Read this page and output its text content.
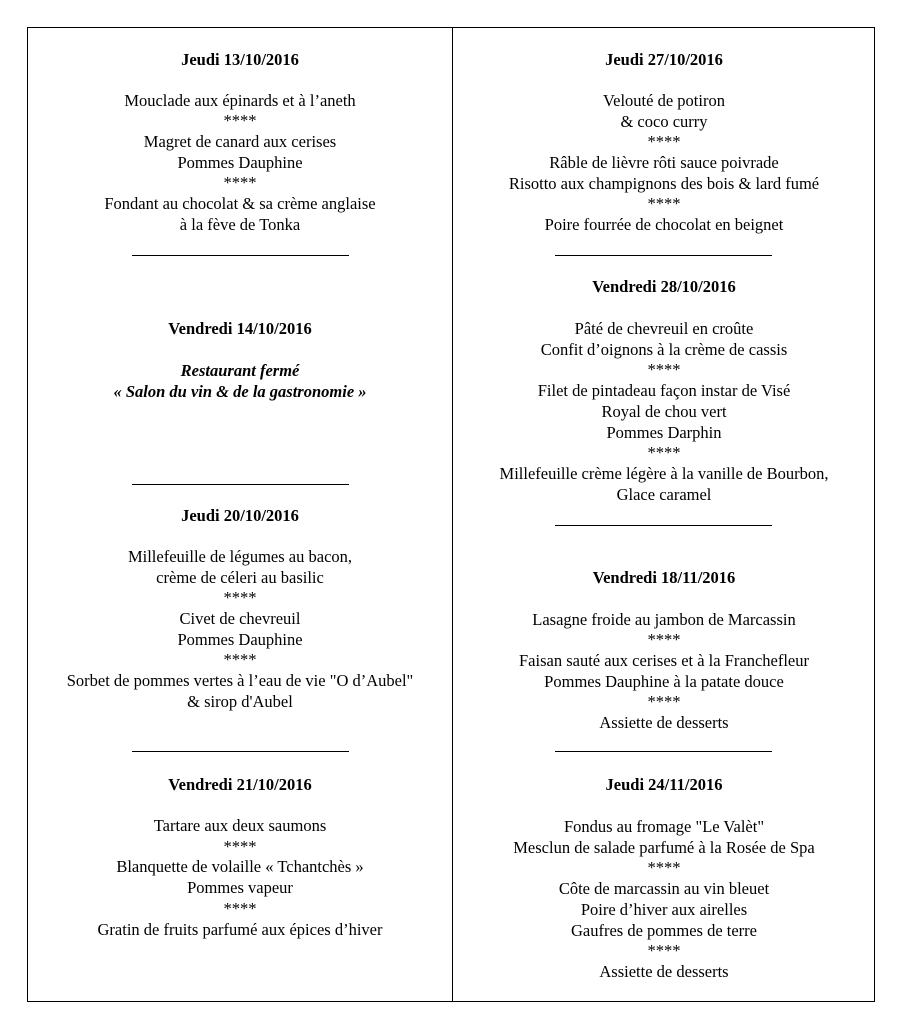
Jeudi 13/10/2016
Mouclade aux épinards et à l’aneth
****
Magret de canard aux cerises
Pommes Dauphine
****
Fondant au chocolat & sa crème anglaise
à la fève de Tonka
Vendredi 14/10/2016
Restaurant fermé
« Salon du vin & de la gastronomie »
Jeudi 20/10/2016
Millefeuille de légumes au bacon,
crème de céleri au basilic
****
Civet de chevreuil
Pommes Dauphine
****
Sorbet de pommes vertes à l’eau de vie "O d’Aubel"
& sirop d'Aubel
Vendredi 21/10/2016
Tartare aux deux saumons
****
Blanquette de volaille « Tchantchès »
Pommes vapeur
****
Gratin de fruits parfumé aux épices d’hiver
Jeudi 27/10/2016
Velouté de potiron
& coco curry
****
Râble de lièvre rôti sauce poivrade
Risotto aux champignons des bois & lard fumé
****
Poire fourrée de chocolat en beignet
Vendredi 28/10/2016
Pâté de chevreuil en croûte
Confit d’oignons à la crème de cassis
****
Filet de pintadeau façon instar de Visé
Royal de chou vert
Pommes Darphin
****
Millefeuille crème légère à la vanille de Bourbon,
Glace caramel
Vendredi 18/11/2016
Lasagne froide au jambon de Marcassin
****
Faisan sauté aux cerises et à la Franchefleur
Pommes Dauphine à la patate douce
****
Assiette de desserts
Jeudi 24/11/2016
Fondus au fromage "Le Valèt"
Mesclun de salade parfumé à la Rosée de Spa
****
Côte de marcassin au vin bleuet
Poire d’hiver aux airelles
Gaufres de pommes de terre
****
Assiette de desserts
